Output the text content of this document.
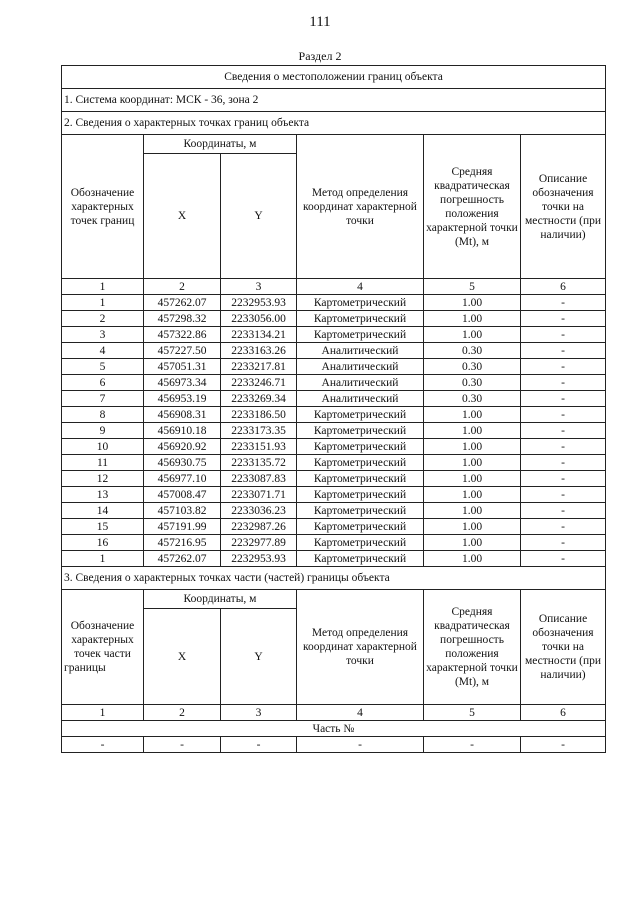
111
Раздел 2
Сведения о местоположении границ объекта					
1. Система координат: МСК - 36, зона 2					
2. Сведения о характерных точках границ объекта					
Обозначение характерных точек границ	Координаты, м		Метод определения координат характерной точки	Средняя квадратическая погрешность положения характерной точки (Mt), м	Описание обозначения точки на местности (при наличии)
	X	Y			
1	2	3	4	5	6
1	457262.07	2232953.93	Картометрический	1.00	-
2	457298.32	2233056.00	Картометрический	1.00	-
3	457322.86	2233134.21	Картометрический	1.00	-
4	457227.50	2233163.26	Аналитический	0.30	-
5	457051.31	2233217.81	Аналитический	0.30	-
6	456973.34	2233246.71	Аналитический	0.30	-
7	456953.19	2233269.34	Аналитический	0.30	-
8	456908.31	2233186.50	Картометрический	1.00	-
9	456910.18	2233173.35	Картометрический	1.00	-
10	456920.92	2233151.93	Картометрический	1.00	-
11	456930.75	2233135.72	Картометрический	1.00	-
12	456977.10	2233087.83	Картометрический	1.00	-
13	457008.47	2233071.71	Картометрический	1.00	-
14	457103.82	2233036.23	Картометрический	1.00	-
15	457191.99	2232987.26	Картометрический	1.00	-
16	457216.95	2232977.89	Картометрический	1.00	-
1	457262.07	2232953.93	Картометрический	1.00	-
3. Сведения о характерных точках части (частей) границы объекта					
Обозначение характерных точек части границы	Координаты, м		Метод определения координат характерной точки	Средняя квадратическая погрешность положения характерной точки (Mt), м	Описание обозначения точки на местности (при наличии)
	X	Y			
1	2	3	4	5	6
Часть №					
-	-	-	-	-	-
